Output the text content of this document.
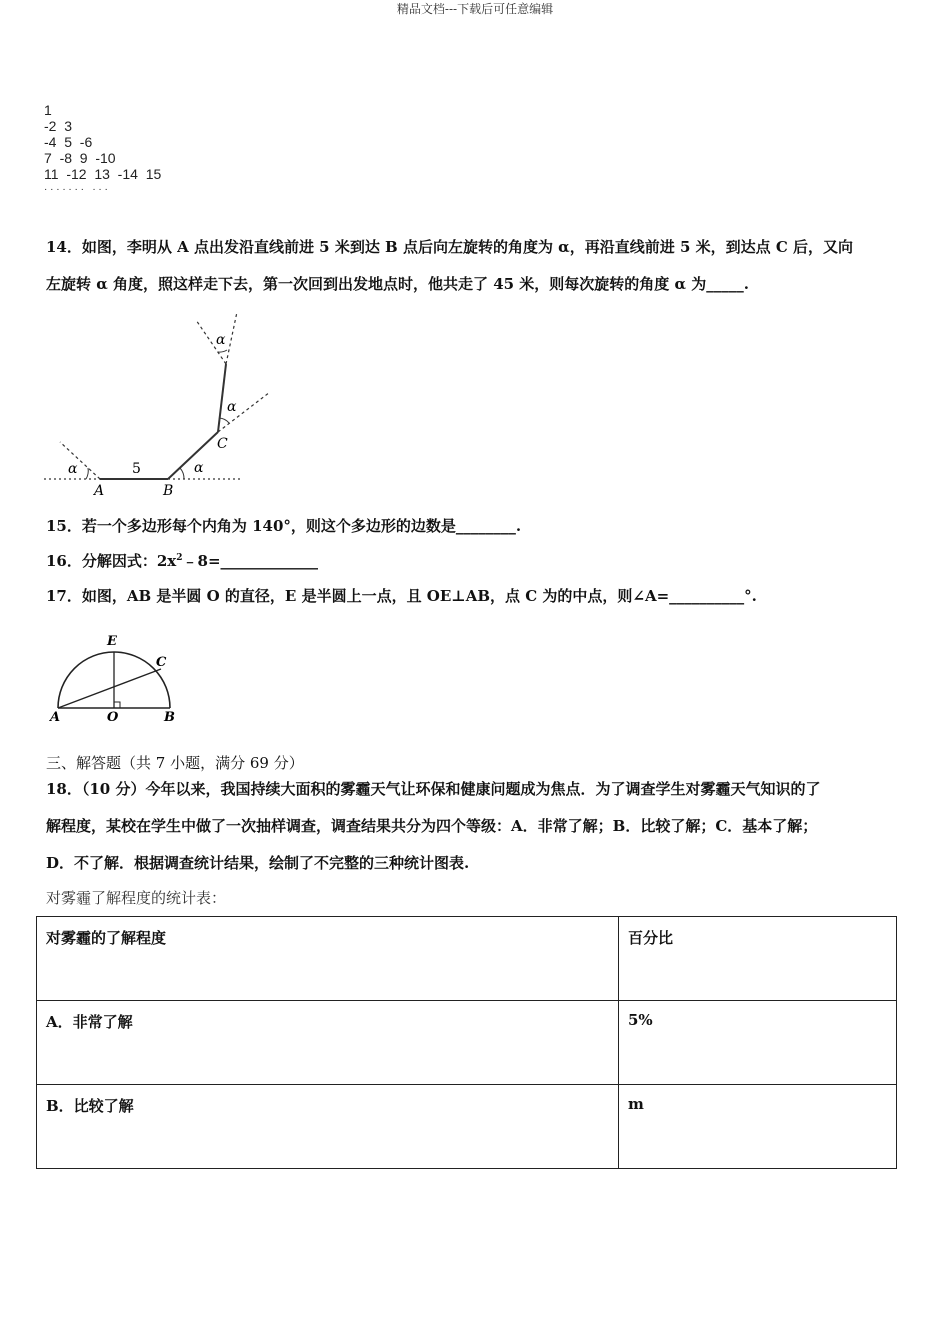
精品文档---下载后可任意编辑
1
-2  3
-4  5  -6
7  -8  9  -10
11  -12  13  -14  15
· · · · · · ·   · · ·
14．如图，李明从 A 点出发沿直线前进 5 米到达 B 点后向左旋转的角度为 α，再沿直线前进 5 米，到达点 C 后，又向
左旋转 α 角度，照这样走下去，第一次回到出发地点时，他共走了 45 米，则每次旋转的角度 α 为_____.
α	α
α
α
5
A	B
C
15．若一个多边形每个内角为 140°，则这个多边形的边数是________.
16．分解因式：$2x^2﹣8=\_\_\_\_\_\_\_\_\_\_\_\_\_$
17．如图，AB 是半圆 O 的直径，E 是半圆上一点，且 OE⊥AB，点 C 为的中点，则∠A=__________°.
E
C
A	O	B
三、解答题（共 7 小题，满分 69 分）
18．（10 分）今年以来，我国持续大面积的雾霾天气让环保和健康问题成为焦点．为了调查学生对雾霾天气知识的了
解程度，某校在学生中做了一次抽样调查，调查结果共分为四个等级：A．非常了解；B．比较了解；C．基本了解；
D．不了解．根据调查统计结果，绘制了不完整的三种统计图表.
对雾霾了解程度的统计表：
对雾霾的了解程度	百分比
A．非常了解	5%
B．比较了解	m
